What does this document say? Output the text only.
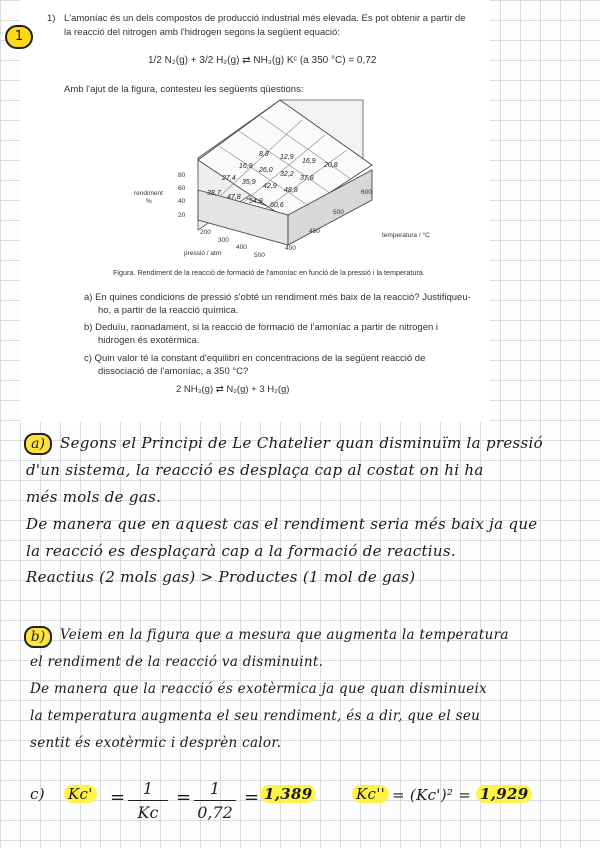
1
1) L'amoníac és un dels compostos de producció industrial més elevada. Es pot obtenir a partir de
la reacció del nitrogen amb l'hidrogen segons la següent equació:
1/2 N₂(g) + 3/2 H₂(g) ⇄ NH₃(g) Kᶜ (a 350 °C) = 0,72
Amb l'ajut de la figura, contesteu les següents qüestions:
rendiment
%
80
60
40
20
200
300
400
500
pressió / atm
400
450
500
600
temperatura / °C
38,7
47,8
54,9
60,6
27,4
35,9
42,9
48,8
16,9
26,0
32,2
37,8
8,8 12,9
16,9
20,8
Figura. Rendiment de la reacció de formació de l'amoníac en funció de la pressió i la temperatura.
a) En quines condicions de pressió s'obté un rendiment més baix de la reacció? Justifiqueu-
ho, a partir de la reacció química.
b) Deduïu, raonadament, si la reacció de formació de l'amoníac a partir de nitrogen i
hidrogen és exotèrmica.
c) Quin valor té la constant d'equilibri en concentracions de la següent reacció de
dissociació de l'amoníac, a 350 °C?
2 NH₃(g) ⇄ N₂(g) + 3 H₂(g)
a)	Segons el Principi de Le Chatelier quan disminuïm la pressió
d'un sistema, la reacció es desplaça cap al costat on hi ha
més mols de gas.
De manera que en aquest cas el rendiment seria més baix ja que
la reacció es desplaçarà cap a la formació de reactius.
Reactius (2 mols gas) > Productes (1 mol de gas)
b)	Veiem en la figura que a mesura que augmenta la temperatura
el rendiment de la reacció va disminuint.
De manera que la reacció és exotèrmica ja que quan disminueix
la temperatura augmenta el seu rendiment, és a dir, que el seu
sentit és exotèrmic i desprèn calor.
c) $Kc' = \frac{1}{Kc} = \frac{1}{0,72} = 1,389$	Kc'' = (Kc')² = 1,929
